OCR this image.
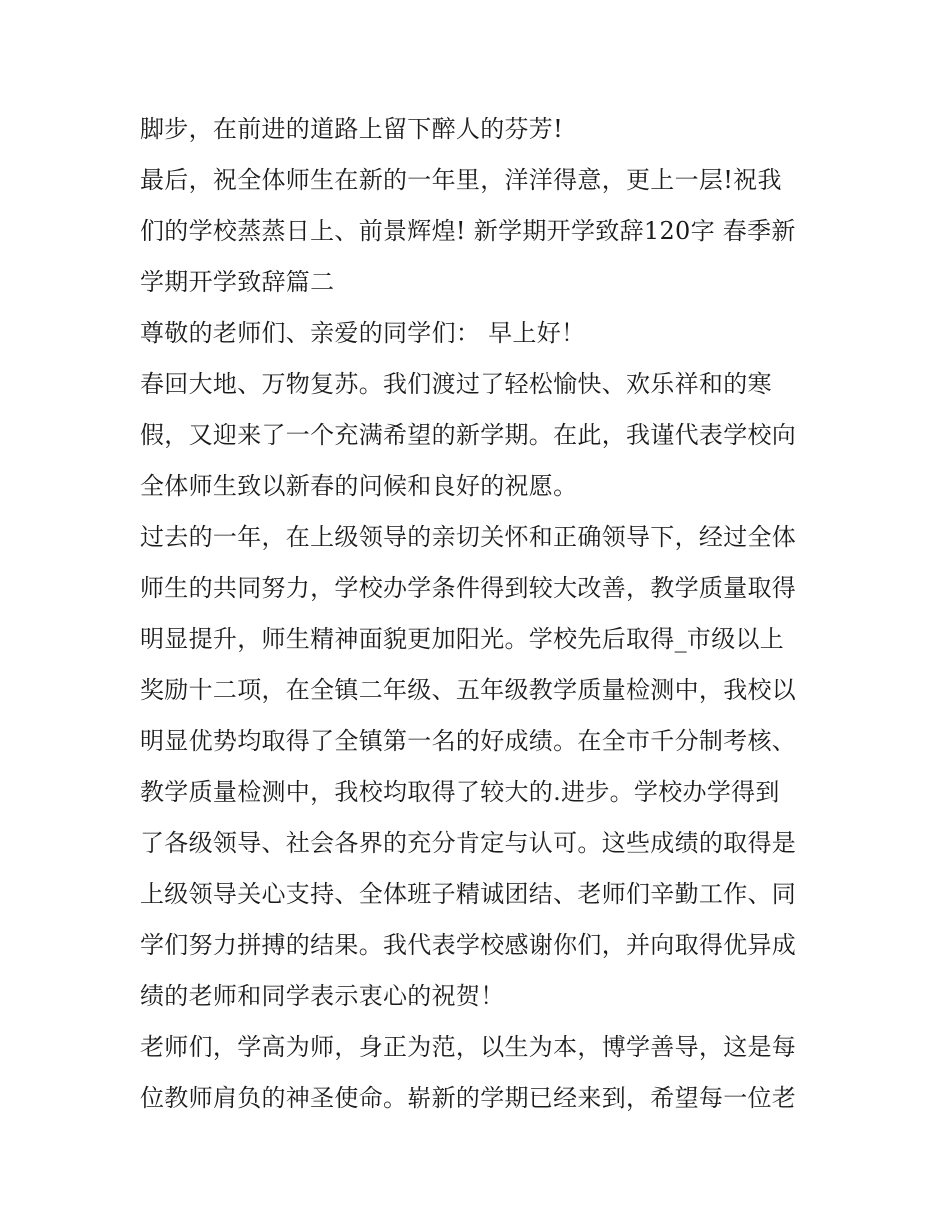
脚步，在前进的道路上留下醉人的芬芳!
最后，祝全体师生在新的一年里，洋洋得意，更上一层!祝我
们的学校蒸蒸日上、前景辉煌! 新学期开学致辞120字 春季新
学期开学致辞篇二
尊敬的老师们、亲爱的同学们： 早上好！
春回大地、万物复苏。我们渡过了轻松愉快、欢乐祥和的寒
假，又迎来了一个充满希望的新学期。在此，我谨代表学校向
全体师生致以新春的问候和良好的祝愿。
过去的一年，在上级领导的亲切关怀和正确领导下，经过全体
师生的共同努力，学校办学条件得到较大改善，教学质量取得
明显提升，师生精神面貌更加阳光。学校先后取得_市级以上
奖励十二项，在全镇二年级、五年级教学质量检测中，我校以
明显优势均取得了全镇第一名的好成绩。在全市千分制考核、
教学质量检测中，我校均取得了较大的.进步。学校办学得到
了各级领导、社会各界的充分肯定与认可。这些成绩的取得是
上级领导关心支持、全体班子精诚团结、老师们辛勤工作、同
学们努力拼搏的结果。我代表学校感谢你们，并向取得优异成
绩的老师和同学表示衷心的祝贺！
老师们，学高为师，身正为范，以生为本，博学善导，这是每
位教师肩负的神圣使命。崭新的学期已经来到，希望每一位老
